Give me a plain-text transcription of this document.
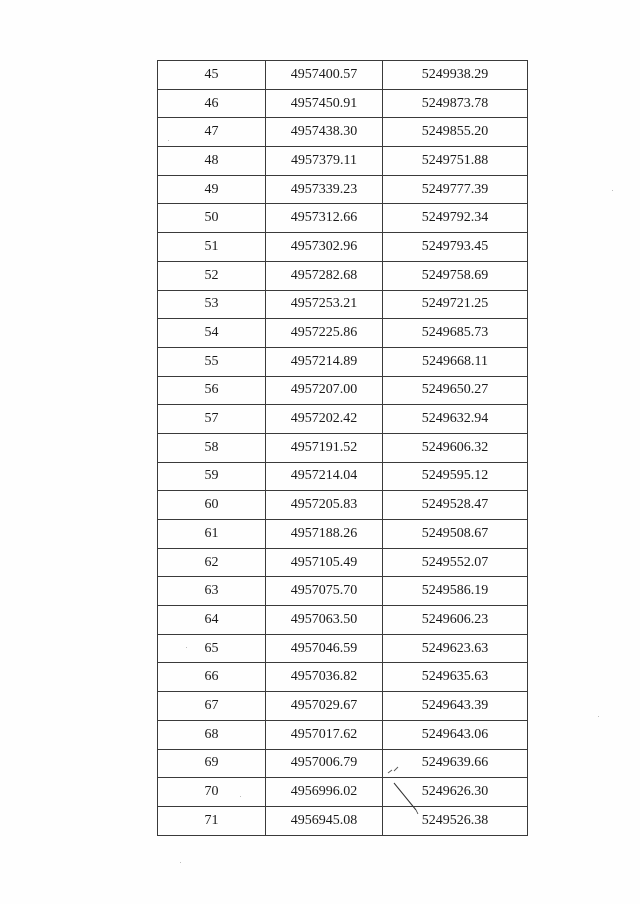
45	4957400.57	5249938.29
46	4957450.91	5249873.78
47	4957438.30	5249855.20
48	4957379.11	5249751.88
49	4957339.23	5249777.39
50	4957312.66	5249792.34
51	4957302.96	5249793.45
52	4957282.68	5249758.69
53	4957253.21	5249721.25
54	4957225.86	5249685.73
55	4957214.89	5249668.11
56	4957207.00	5249650.27
57	4957202.42	5249632.94
58	4957191.52	5249606.32
59	4957214.04	5249595.12
60	4957205.83	5249528.47
61	4957188.26	5249508.67
62	4957105.49	5249552.07
63	4957075.70	5249586.19
64	4957063.50	5249606.23
65	4957046.59	5249623.63
66	4957036.82	5249635.63
67	4957029.67	5249643.39
68	4957017.62	5249643.06
69	4957006.79	5249639.66
70	4956996.02	5249626.30
71	4956945.08	5249526.38
